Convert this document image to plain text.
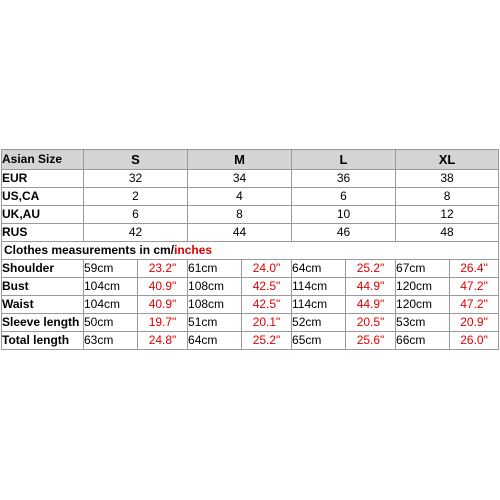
Asian Size	S		M		L		XL	
EUR	32		34		36		38	
US,CA	2		4		6		8	
UK,AU	6		8		10		12	
RUS	42		44		46		48	
Clothes measurements in cm/inches								
Shoulder	59cm	23.2"	61cm	24.0"	64cm	25.2"	67cm	26.4"
Bust	104cm	40.9"	108cm	42.5"	114cm	44.9"	120cm	47.2"
Waist	104cm	40.9"	108cm	42.5"	114cm	44.9"	120cm	47.2"
Sleeve length	50cm	19.7"	51cm	20.1"	52cm	20.5"	53cm	20.9"
Total length	63cm	24.8"	64cm	25.2"	65cm	25.6"	66cm	26.0"
